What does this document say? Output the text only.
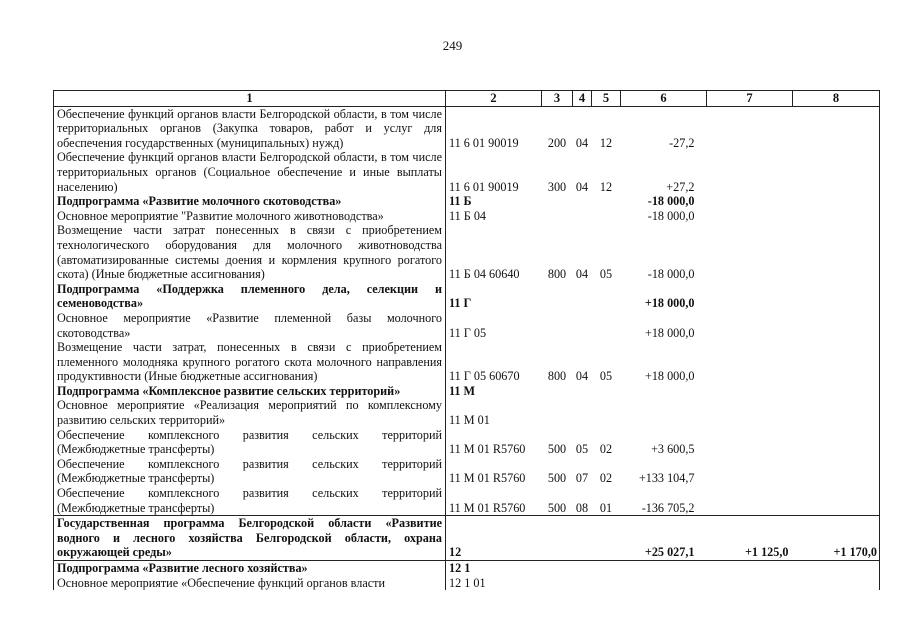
249
1	2	3	4	5	6	7	8
Обеспечение функций органов власти Белгородской области, в том числе территориальных органов (Закупка товаров, работ и услуг для обеспечения государственных (муниципальных) нужд)	11 6 01 90019	200	04	12	-27,2		
Обеспечение функций органов власти Белгородской области, в том числе территориальных органов (Социальное обеспечение и иные выплаты населению)	11 6 01 90019	300	04	12	+27,2		
Подпрограмма «Развитие молочного скотоводства»	11 Б				-18 000,0		
Основное мероприятие "Развитие молочного животноводства»	11 Б 04				-18 000,0		
Возмещение части затрат понесенных в связи с приобретением технологического оборудования для молочного животноводства (автоматизированные системы доения и кормления крупного рогатого скота) (Иные бюджетные ассигнования)	11 Б 04 60640	800	04	05	-18 000,0		
Подпрограмма «Поддержка племенного дела, селекции и семеноводства»	11 Г				+18 000,0		
Основное мероприятие «Развитие племенной базы молочного скотоводства»	11 Г 05				+18 000,0		
Возмещение части затрат, понесенных в связи с приобретением племенного молодняка крупного рогатого скота молочного направления продуктивности (Иные бюджетные ассигнования)	11 Г 05 60670	800	04	05	+18 000,0		
Подпрограмма «Комплексное развитие сельских территорий»	11 М						
Основное мероприятие «Реализация мероприятий по комплексному развитию сельских территорий»	11 М 01						
Обеспечение комплексного развития сельских территорий (Межбюджетные трансферты)	11 М 01 R5760	500	05	02	+3 600,5		
Обеспечение комплексного развития сельских территорий (Межбюджетные трансферты)	11 М 01 R5760	500	07	02	+133 104,7		
Обеспечение комплексного развития сельских территорий (Межбюджетные трансферты)	11 М 01 R5760	500	08	01	-136 705,2		
Государственная программа Белгородской области «Развитие водного и лесного хозяйства Белгородской области, охрана окружающей среды»	12				+25 027,1	+1 125,0	+1 170,0
Подпрограмма «Развитие лесного хозяйства»	12 1						
Основное мероприятие «Обеспечение функций органов власти	12 1 01						
